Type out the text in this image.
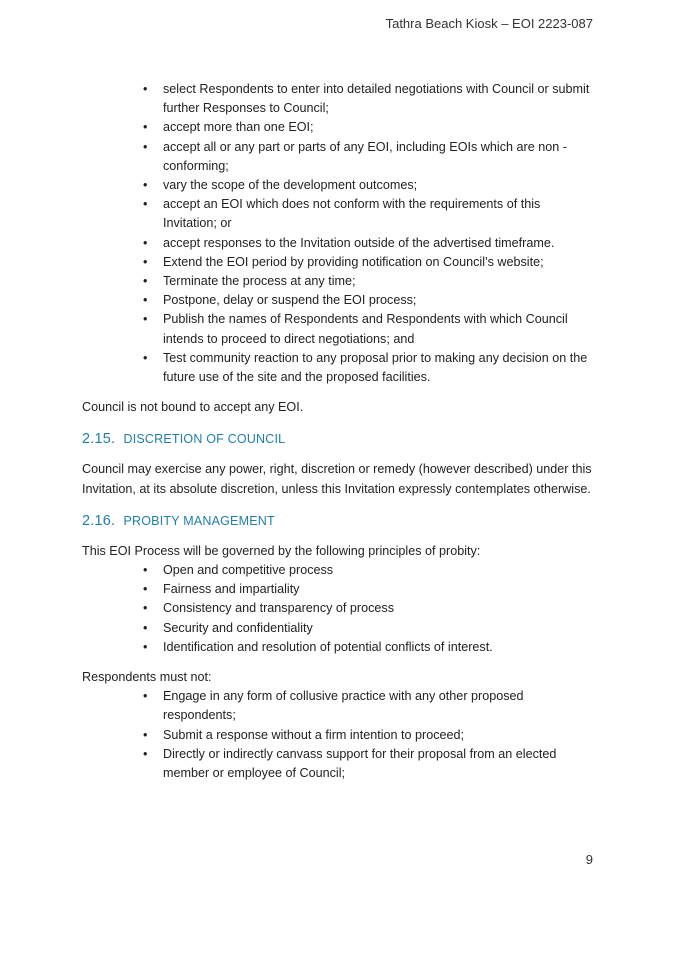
Tathra Beach Kiosk – EOI 2223-087
• select Respondents to enter into detailed negotiations with Council or submit further Responses to Council;
• accept more than one EOI;
• accept all or any part or parts of any EOI, including EOIs which are non - conforming;
• vary the scope of the development outcomes;
• accept an EOI which does not conform with the requirements of this Invitation; or
• accept responses to the Invitation outside of the advertised timeframe.
• Extend the EOI period by providing notification on Council’s website;
• Terminate the process at any time;
• Postpone, delay or suspend the EOI process;
• Publish the names of Respondents and Respondents with which Council intends to proceed to direct negotiations; and
• Test community reaction to any proposal prior to making any decision on the future use of the site and the proposed facilities.

Council is not bound to accept any EOI.

2.15. DISCRETION OF COUNCIL

Council may exercise any power, right, discretion or remedy (however described) under this Invitation, at its absolute discretion, unless this Invitation expressly contemplates otherwise.

2.16. PROBITY MANAGEMENT

This EOI Process will be governed by the following principles of probity:

• Open and competitive process
• Fairness and impartiality
• Consistency and transparency of process
• Security and confidentiality
• Identification and resolution of potential conflicts of interest.

Respondents must not:

• Engage in any form of collusive practice with any other proposed respondents;
• Submit a response without a firm intention to proceed;
• Directly or indirectly canvass support for their proposal from an elected member or employee of Council;
9
